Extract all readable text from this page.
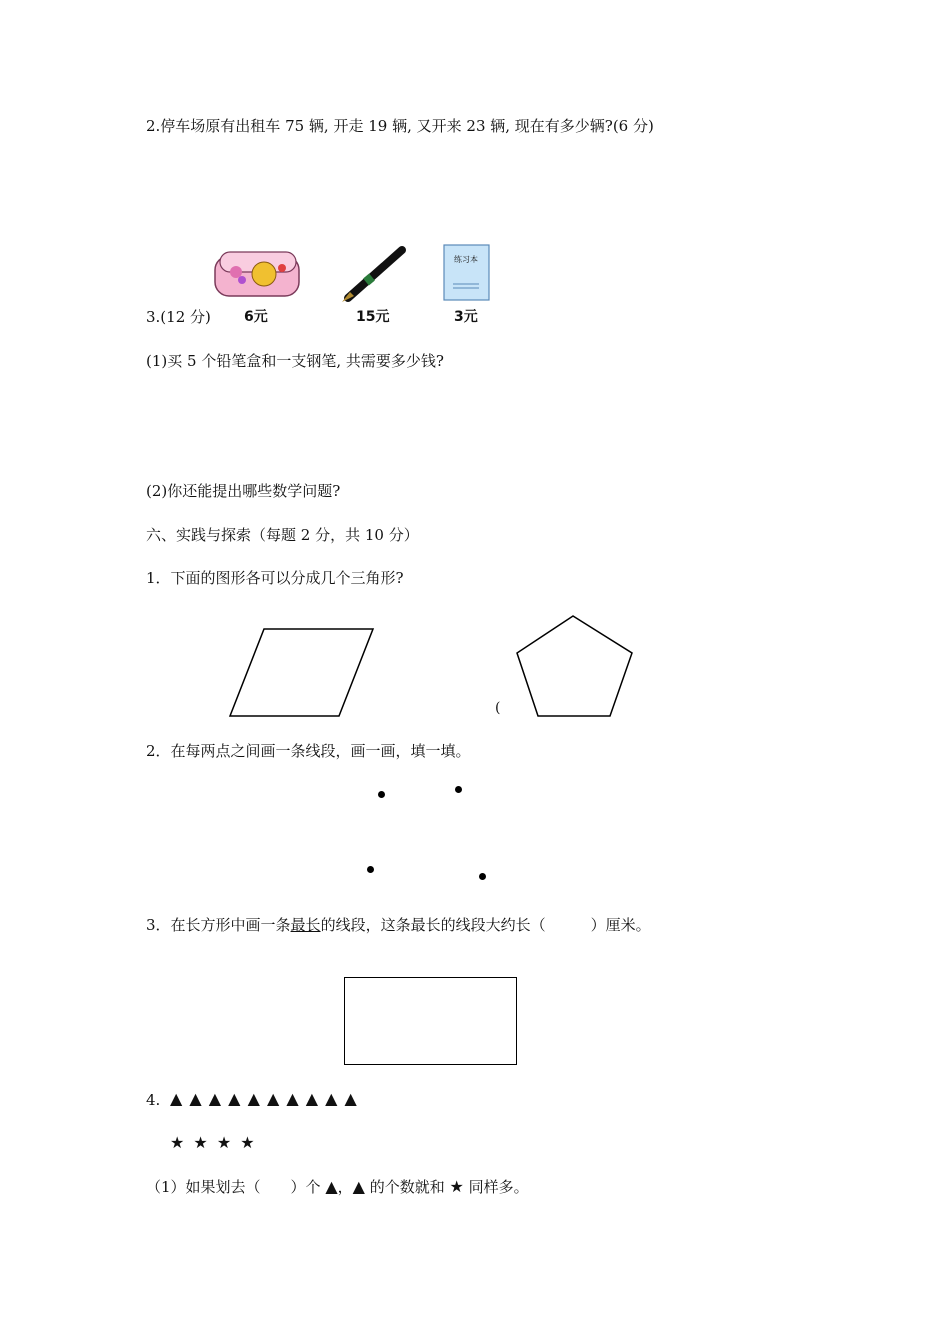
2.停车场原有出租车 75 辆, 开走 19 辆, 又开来 23 辆, 现在有多少辆?(6 分)
练习本
3.(12 分) 6元	15元	3元
(1)买 5 个铅笔盒和一支钢笔, 共需要多少钱?
(2)你还能提出哪些数学问题?
六、实践与探索（每题 2 分，共 10 分）
1．下面的图形各可以分成几个三角形?
(
2．在每两点之间画一条线段，画一画，填一填。
3．在长方形中画一条最长的线段，这条最长的线段大约长（　　　）厘米。
4. ▲ ▲ ▲ ▲ ▲ ▲ ▲ ▲ ▲ ▲
★ ★ ★ ★
（1）如果划去（　　）个 ▲，▲ 的个数就和 ★ 同样多。
